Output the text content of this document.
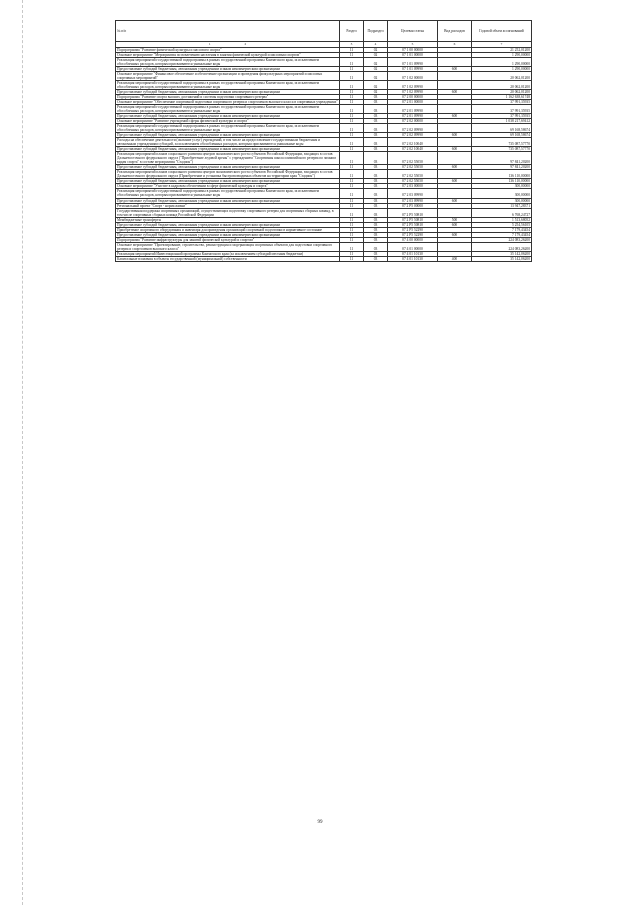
№ п/п	Раздел	Подраздел	Целевая статья	Вид расходов	Годовой объем ассигнований
1 2	3	4	5	6	7
Подпрограмма "Развитие физической культуры и массового спорта"	11	02	07 1 00 00000		21 252,01200
Основное мероприятие "Мероприятия по вовлечению населения в занятия физической культурой и массовым спортом"	11	02	07 1 01 00000		1 290,00000
Реализация мероприятий государственной подпрограммы в рамках государственной программы Камчатского края, за исключением обособленных расходов, которым присваиваются уникальные коды	11	02	07 1 01 09990		1 290,00000
Предоставление субсидий бюджетным, автономным учреждениям и иным некоммерческим организациям	11	02	07 1 01 09990	600	1 290,00000
Основное мероприятие "Финансовое обеспечение и обеспечение организации и проведения физкультурных мероприятий и массовых спортивных мероприятий"	11	02	07 1 02 00000		20 062,01200
Реализация мероприятий государственной подпрограммы в рамках государственной программы Камчатского края, за исключением обособленных расходов, которым присваиваются уникальные коды	11	02	07 1 02 09990		20 062,01200
Предоставление субсидий бюджетным, автономным учреждениям и иным некоммерческим организациям	11	02	07 1 02 09990	600	20 062,01200
Подпрограмма "Развитие спорта высших достижений и системы подготовки спортивного резерва"	11	03	07 2 00 00000		1 162 638,61748
Основное мероприятие "Обеспечение спортивной подготовки спортивного резерва и спортсменов высокого класса в спортивных учреждениях"	11	03	07 2 01 00000		37 991,35935
Реализация мероприятий государственной подпрограммы в рамках государственной программы Камчатского края, за исключением обособленных расходов, которым присваиваются уникальные коды	11	03	07 2 01 09990		37 991,35935
Предоставление субсидий бюджетным, автономным учреждениям и иным некоммерческим организациям	11	03	07 2 01 09990	600	37 991,35935
Основное мероприятие "Развитие учреждений сферы физической культуры и спорта"	11	03	07 2 02 00000		1 038 217,69412
Реализация мероприятий государственной подпрограммы в рамках государственной программы Камчатского края, за исключением обособленных расходов, которым присваиваются уникальные коды	11	03	07 2 02 09990		69 168,58674
Предоставление субсидий бюджетным, автономным учреждениям и иным некоммерческим организациям	11	03	07 2 02 09990	600	69 168,58674
Расходы на обеспечение деятельности (оказание услуг) учреждений, в том числе на предоставление государственным бюджетным и автономным учреждениям субсидий, за исключением обособленных расходов, которым присваиваются уникальные коды	11	03	07 2 02 10040		735 087,57770
Предоставление субсидий бюджетным, автономным учреждениям и иным некоммерческим организациям	11	03	07 2 02 10040	600	735 087,57770
Реализация мероприятий планов социального развития центров экономического роста субъектов Российской Федерации, входящих в состав Дальневосточного федерального округа ("Приобретение ледовой арены" с учреждением "Спортивная школа олимпийского резерва по зимним видам спорта" в составе мероприятия "Стадион")	11	03	07 2 02 55050		97 841,20200
Предоставление субсидий бюджетным, автономным учреждениям и иным некоммерческим организациям	11	03	07 2 02 55050	600	97 841,20200
Реализация мероприятий планов социального развития центров экономического роста субъектов Российской Федерации, входящих в состав Дальневосточного федерального округа (Приобретение и установка быстровозводимых объектов на территории края "Стадион")	11	03	07 2 02 55050		136 110,00000
Предоставление субсидий бюджетным, автономным учреждениям и иным некоммерческим организациям	11	03	07 2 02 55050	600	136 110,00000
Основное мероприятие "Участие в кадровом обеспечении в сфере физической культуры и спорта"	11	03	07 2 03 00000		300,00000
Реализация мероприятий государственной подпрограммы в рамках государственной программы Камчатского края, за исключением обособленных расходов, которым присваиваются уникальные коды	11	03	07 2 03 09990		300,00000
Предоставление субсидий бюджетным, автономным учреждениям и иным некоммерческим организациям	11	03	07 2 03 09990	600	300,00000
Региональный проект "Спорт - норма жизни"	11	03	07 2 P5 00000		13 947,28371
Государственная поддержка спортивных организаций, осуществляющих подготовку спортивного резерва для спортивных сборных команд, в том числе спортивных сборных команд Российской Федерации	11	03	07 2 P5 50810		6 768,24727
Межбюджетные трансферты	11	03	07 2 P5 50810	500	1 513,68052
Предоставление субсидий бюджетным, автономным учреждениям и иным некоммерческим организациям	11	03	07 2 P5 50810	600	5 254,56105
Приобретение спортивного оборудования и инвентаря для приведения организаций спортивной подготовки в нормативное состояние	11	03	07 2 P5 52290		7 179,43454
Предоставление субсидий бюджетным, автономным учреждениям и иным некоммерческим организациям	11	03	07 2 P5 52290	600	7 179,43454
Подпрограмма "Развитие инфраструктуры для занятий физической культурой и спортом"	11	03	07 4 00 00000		224 083,26200
Основное мероприятие "Проектирование, строительство, реконструкция и модернизация спортивных объектов для подготовки спортивного резерва и спортсменов высокого класса"	11	03	07 4 01 00000		224 083,26200
Реализация мероприятий Инвестиционной программы Камчатского края (за исключением субсидий местным бюджетам)	11	03	07 4 01 10130		35 142,06200
Капитальные вложения в объекты государственной (муниципальной) собственности	11	03	07 4 01 10130	400	35 142,06200
99
